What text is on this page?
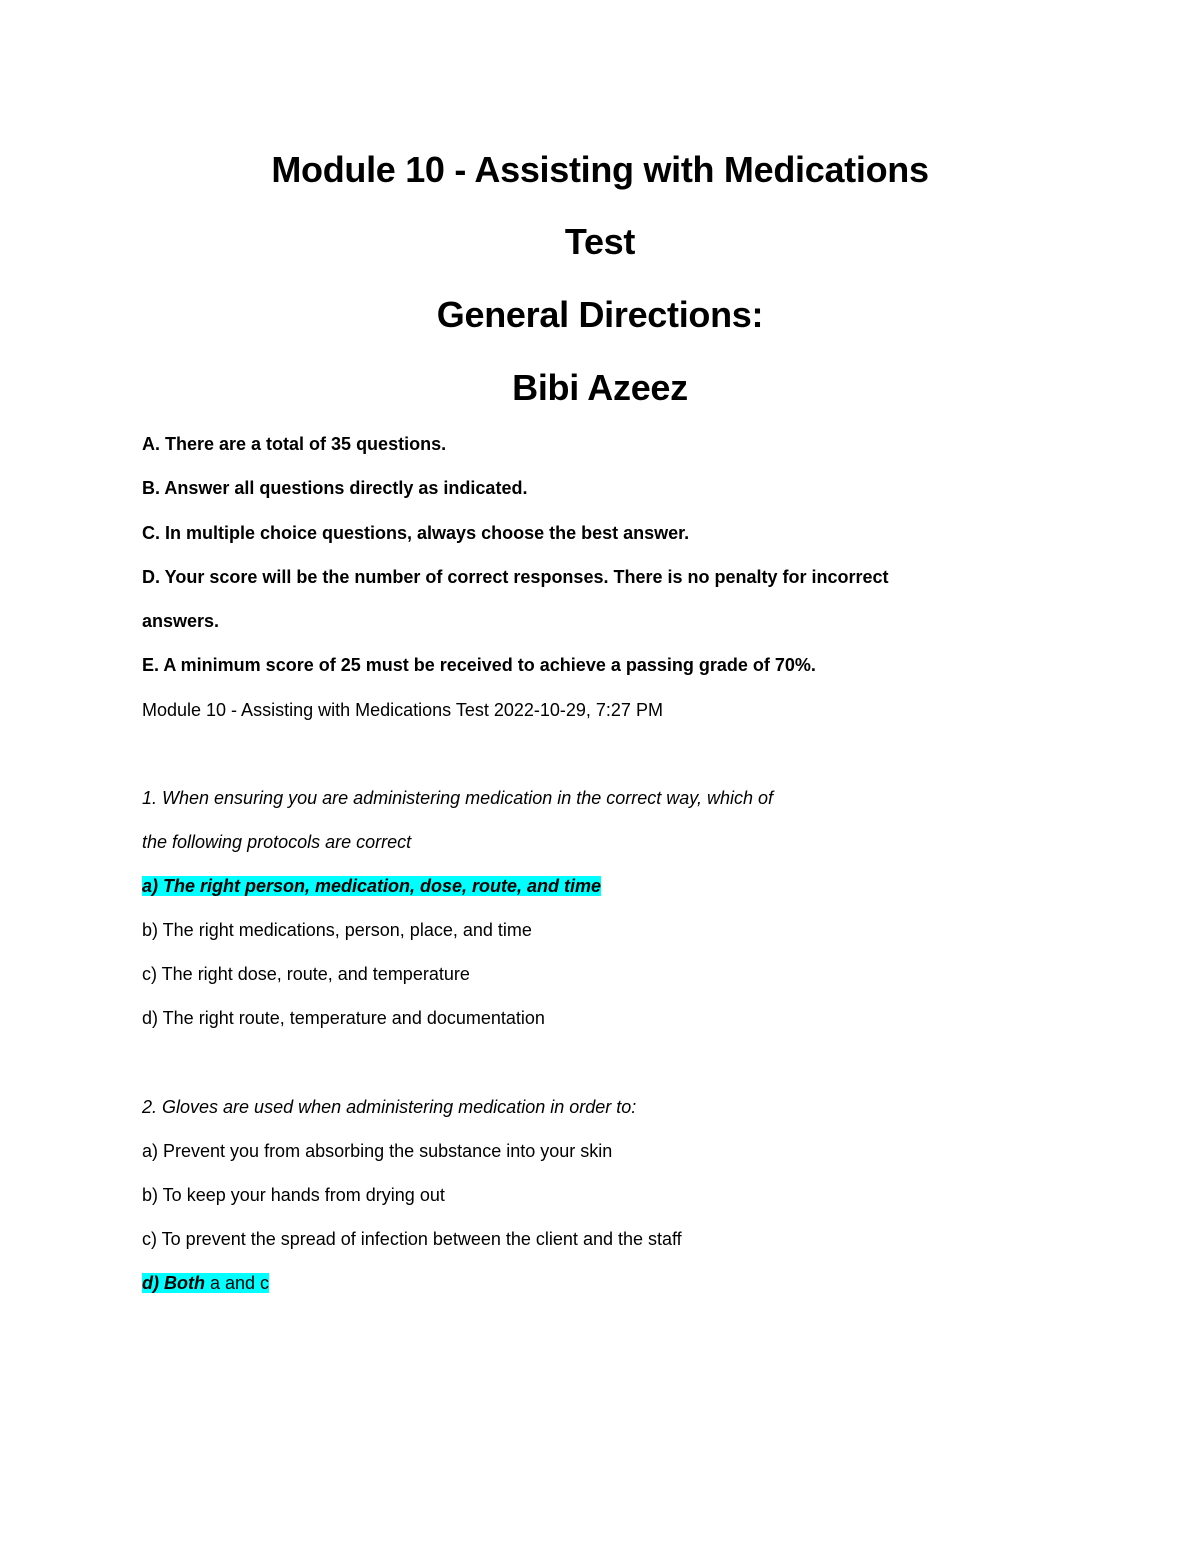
Module 10 - Assisting with Medications
Test
General Directions:
Bibi Azeez

A. There are a total of 35 questions.

B. Answer all questions directly as indicated.

C. In multiple choice questions, always choose the best answer.

D. Your score will be the number of correct responses. There is no penalty for incorrect

answers.

E. A minimum score of 25 must be received to achieve a passing grade of 70%.

Module 10 - Assisting with Medications Test 2022-10-29, 7:27 PM

1. When ensuring you are administering medication in the correct way, which of

the following protocols are correct

a) The right person, medication, dose, route, and time

b) The right medications, person, place, and time

c) The right dose, route, and temperature

d) The right route, temperature and documentation

2. Gloves are used when administering medication in order to:

a) Prevent you from absorbing the substance into your skin

b) To keep your hands from drying out

c) To prevent the spread of infection between the client and the staff

d) Both a and c
